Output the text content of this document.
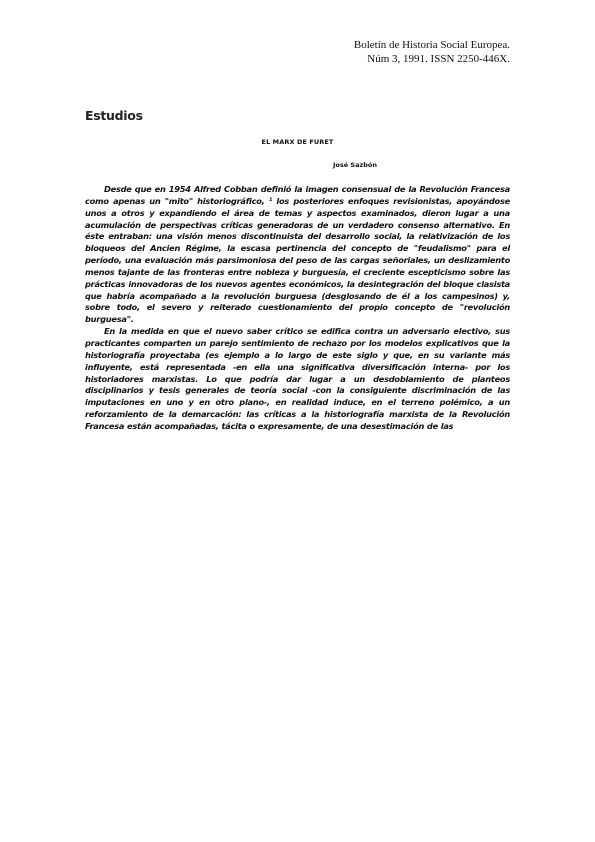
Boletín de Historia Social Europea.
Núm 3, 1991. ISSN 2250-446X.
Estudios
EL MARX DE FURET
José Sazbón

Desde que en 1954 Alfred Cobban definió la imagen consensual de la Revolución Francesa como apenas un "mito" historiográfico, ¹ los posteriores enfoques revisionistas, apoyándose unos a otros y expandiendo el área de temas y aspectos examinados, dieron lugar a una acumulación de perspectivas críticas generadoras de un verdadero consenso alternativo. En éste entraban: una visión menos discontinuista del desarrollo social, la relativización de los bloqueos del Ancien Régime, la escasa pertinencia del concepto de "feudalismo" para el período, una evaluación más parsimoniosa del peso de las cargas señoriales, un deslizamiento menos tajante de las fronteras entre nobleza y burguesía, el creciente escepticismo sobre las prácticas innovadoras de los nuevos agentes económicos, la desintegración del bloque clasista que habría acompañado a la revolución burguesa (desglosando de él a los campesinos) y, sobre todo, el severo y reiterado cuestionamiento del propio concepto de "revolución burguesa".

En la medida en que el nuevo saber crítico se edifica contra un adversario electivo, sus practicantes comparten un parejo sentimiento de rechazo por los modelos explicativos que la historiografía proyectaba (es ejemplo a lo largo de este siglo y que, en su variante más influyente, está representada -en ella una significativa diversificación interna- por los historiadores marxistas. Lo que podría dar lugar a un desdoblamiento de planteos disciplinarios y tesis generales de teoría social -con la consiguiente discriminación de las imputaciones en uno y en otro plano-, en realidad induce, en el terreno polémico, a un reforzamiento de la demarcación: las críticas a la historiografía marxista de la Revolución Francesa están acompañadas, tácita o expresamente, de una desestimación de las
